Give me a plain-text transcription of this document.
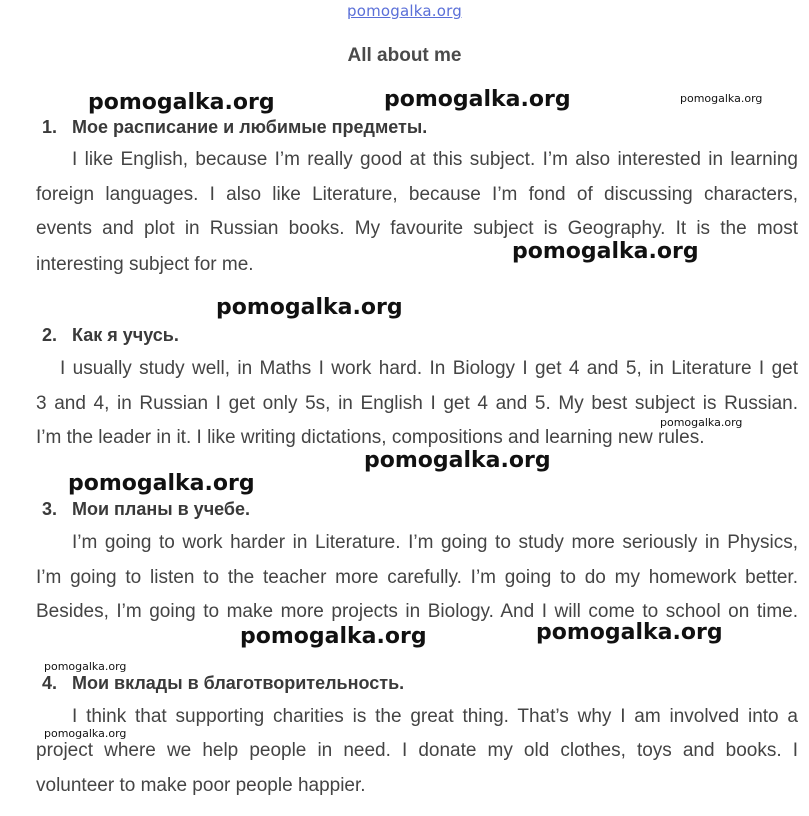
pomogalka.org
All about me
1. Мое расписание и любимые предметы.
I like English, because I’m really good at this subject. I’m also interested in learning
foreign languages. I also like Literature, because I’m fond of discussing characters,
events and plot in Russian books. My favourite subject is Geography. It is the most
interesting subject for me.
2. Как я учусь.
I usually study well, in Maths I work hard. In Biology I get 4 and 5, in Literature I get
3 and 4, in Russian I get only 5s, in English I get 4 and 5. My best subject is Russian.
I’m the leader in it. I like writing dictations, compositions and learning new rules.
3. Мои планы в учебе.
I’m going to work harder in Literature. I’m going to study more seriously in Physics,
I’m going to listen to the teacher more carefully. I’m going to do my homework better.
Besides, I’m going to make more projects in Biology. And I will come to school on time.
4. Мои вклады в благотворительность.
I think that supporting charities is the great thing. That’s why I am involved into a
project where we help people in need. I donate my old clothes, toys and books. I
volunteer to make poor people happier.
pomogalka.org	pomogalka.org	pomogalka.org
pomogalka.org
pomogalka.org
pomogalka.org
pomogalka.org
pomogalka.org
pomogalka.org	pomogalka.org
pomogalka.org
pomogalka.org
